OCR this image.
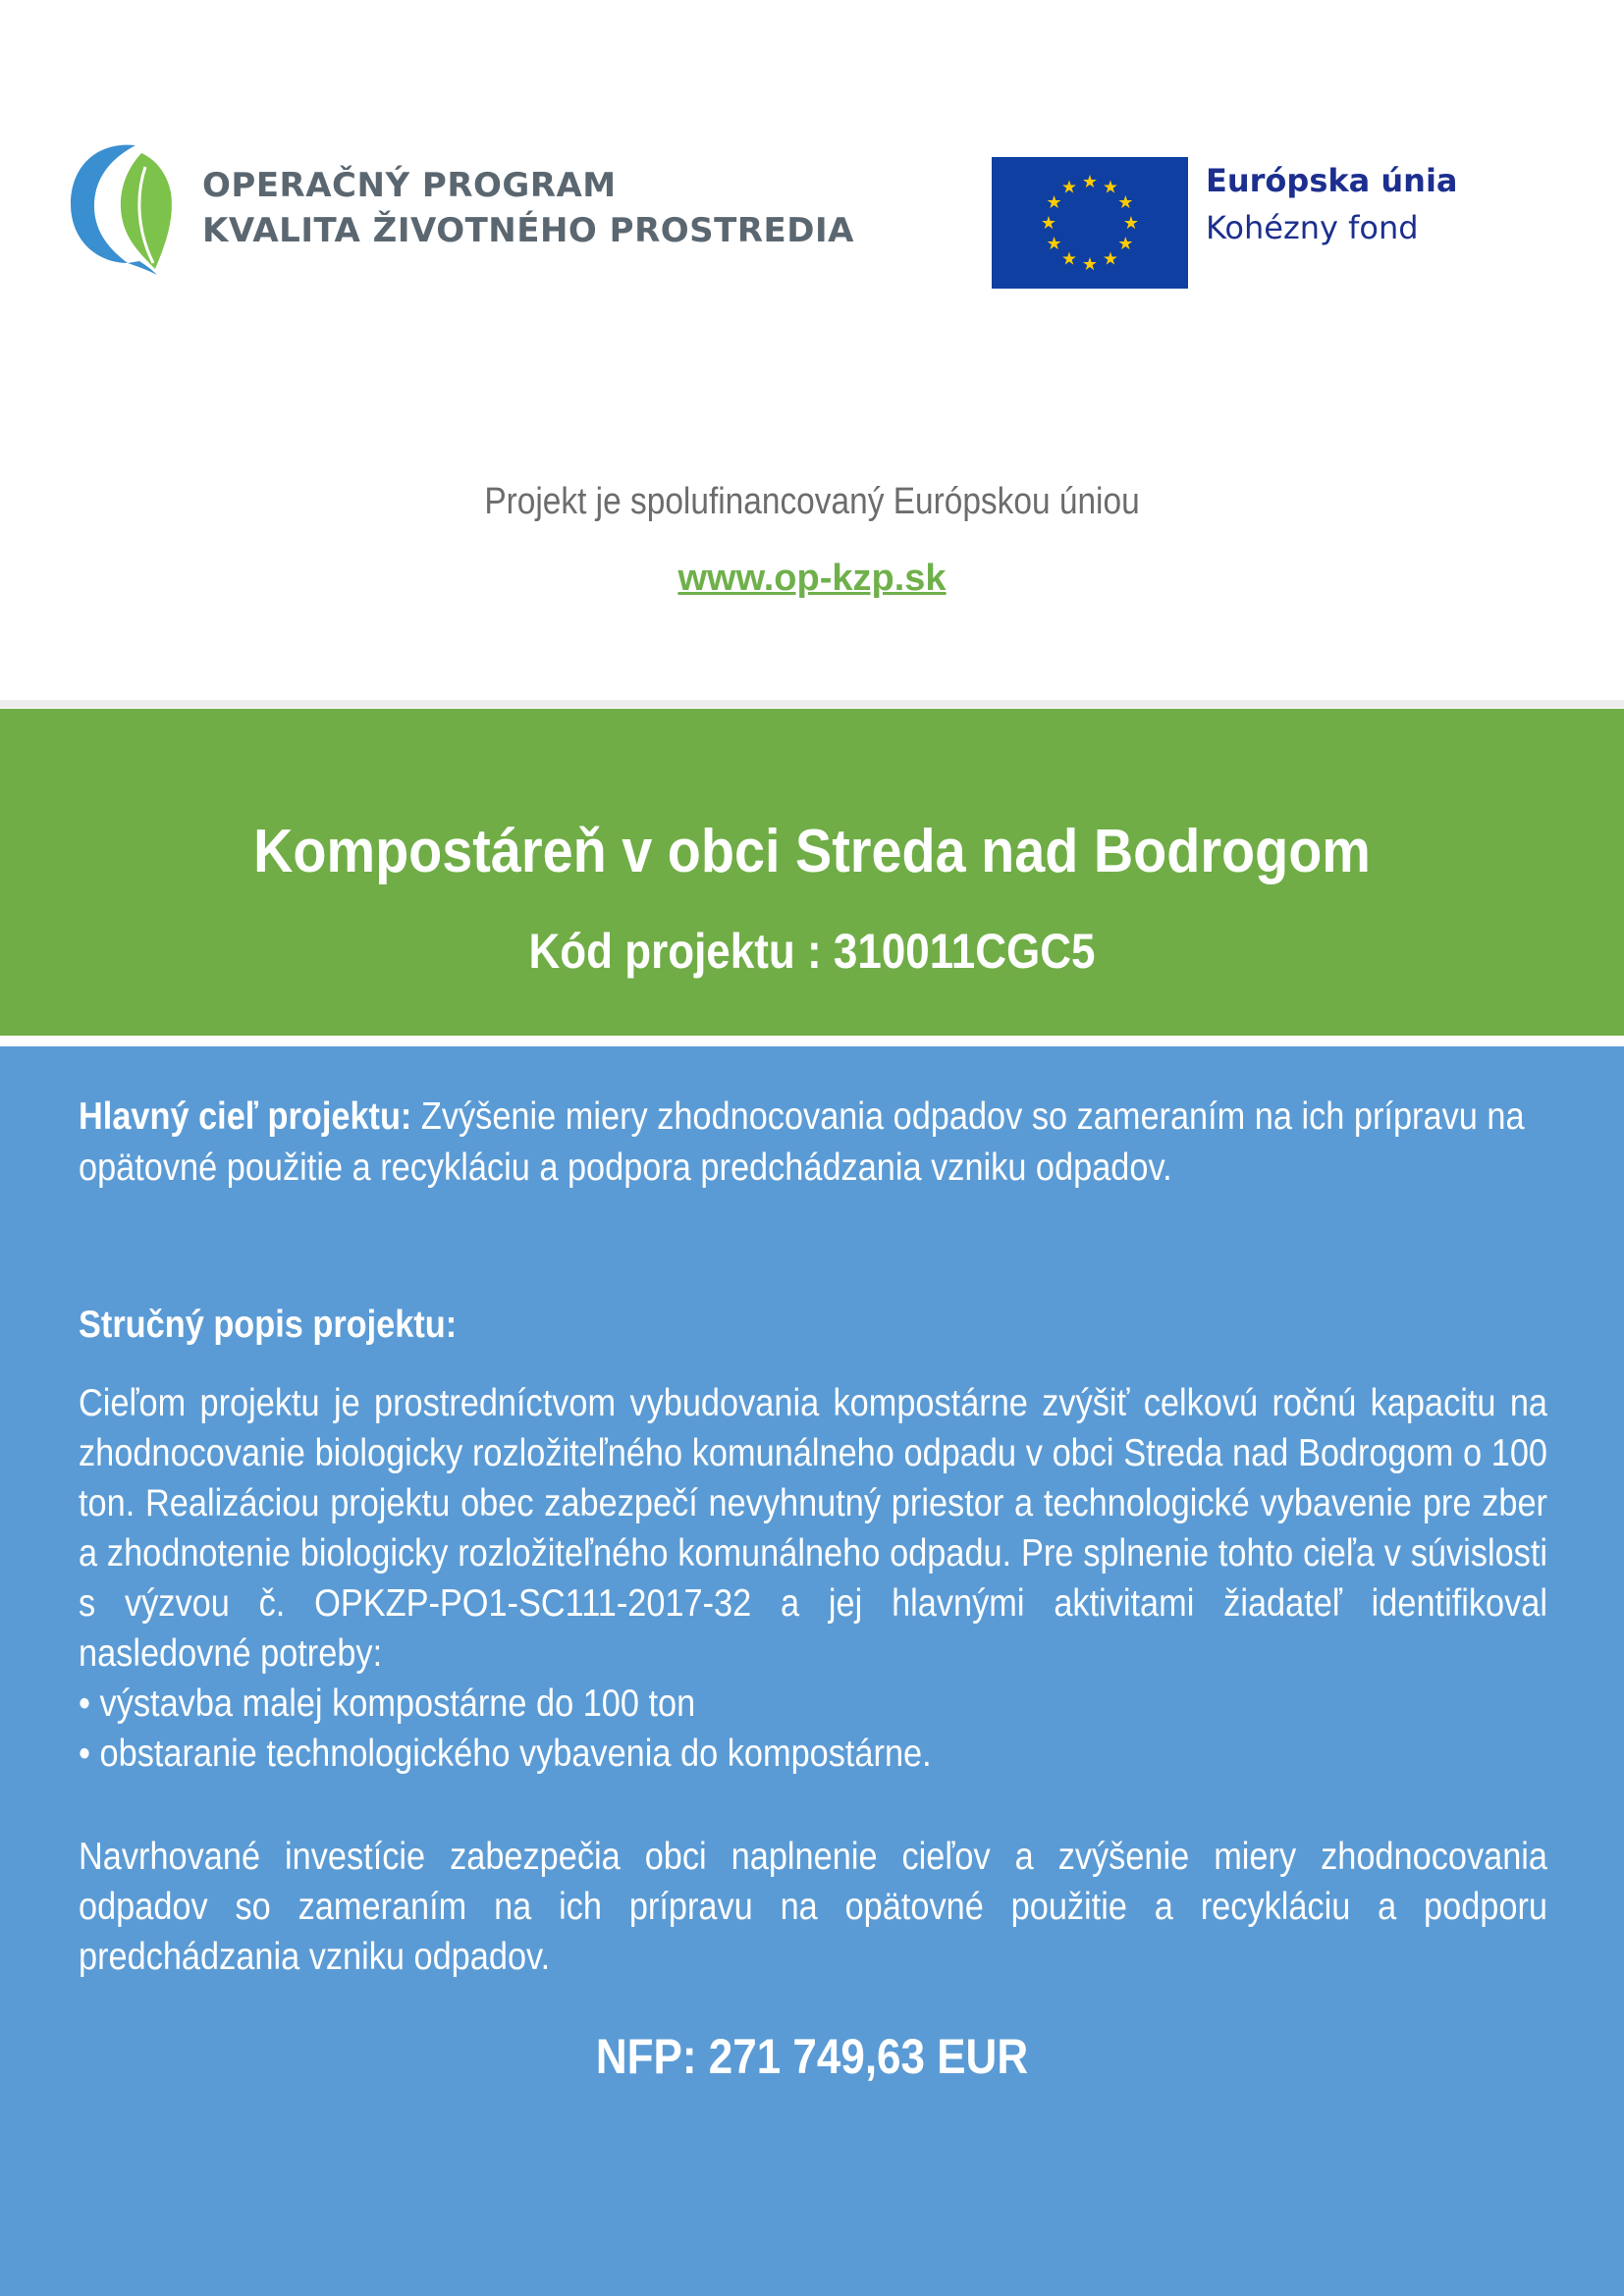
OPERAČNÝ PROGRAM
KVALITA ŽIVOTNÉHO PROSTREDIA
★ ★
★
★
★
★
★
★
★
★
★
★	Európska únia
Kohézny fond
Projekt je spolufinancovaný Európskou úniou
www.op-kzp.sk
Kompostáreň v obci Streda nad Bodrogom
Kód projektu : 310011CGC5

Hlavný cieľ projektu: Zvýšenie miery zhodnocovania odpadov so zameraním na ich prípravu na opätovné použitie a recykláciu a podpora predchádzania vzniku odpadov.

Stručný popis projektu:

Cieľom projektu je prostredníctvom vybudovania kompostárne zvýšiť celkovú ročnú kapacitu na zhodnocovanie biologicky rozložiteľného komunálneho odpadu v obci Streda nad Bodrogom o 100 ton. Realizáciou projektu obec zabezpečí nevyhnutný priestor a technologické vybavenie pre zber a zhodnotenie biologicky rozložiteľného komunálneho odpadu. Pre splnenie tohto cieľa v súvislosti s výzvou č. OPKZP-PO1-SC111-2017-32 a jej hlavnými aktivitami žiadateľ identifikoval nasledovné potreby:

• výstavba malej kompostárne do 100 ton
• obstaranie technologického vybavenia do kompostárne.
Navrhované investície zabezpečia obci naplnenie cieľov a zvýšenie miery zhodnocovania odpadov so zameraním na ich prípravu na opätovné použitie a recykláciu a podporu predchádzania vzniku odpadov.
NFP: 271 749,63 EUR
